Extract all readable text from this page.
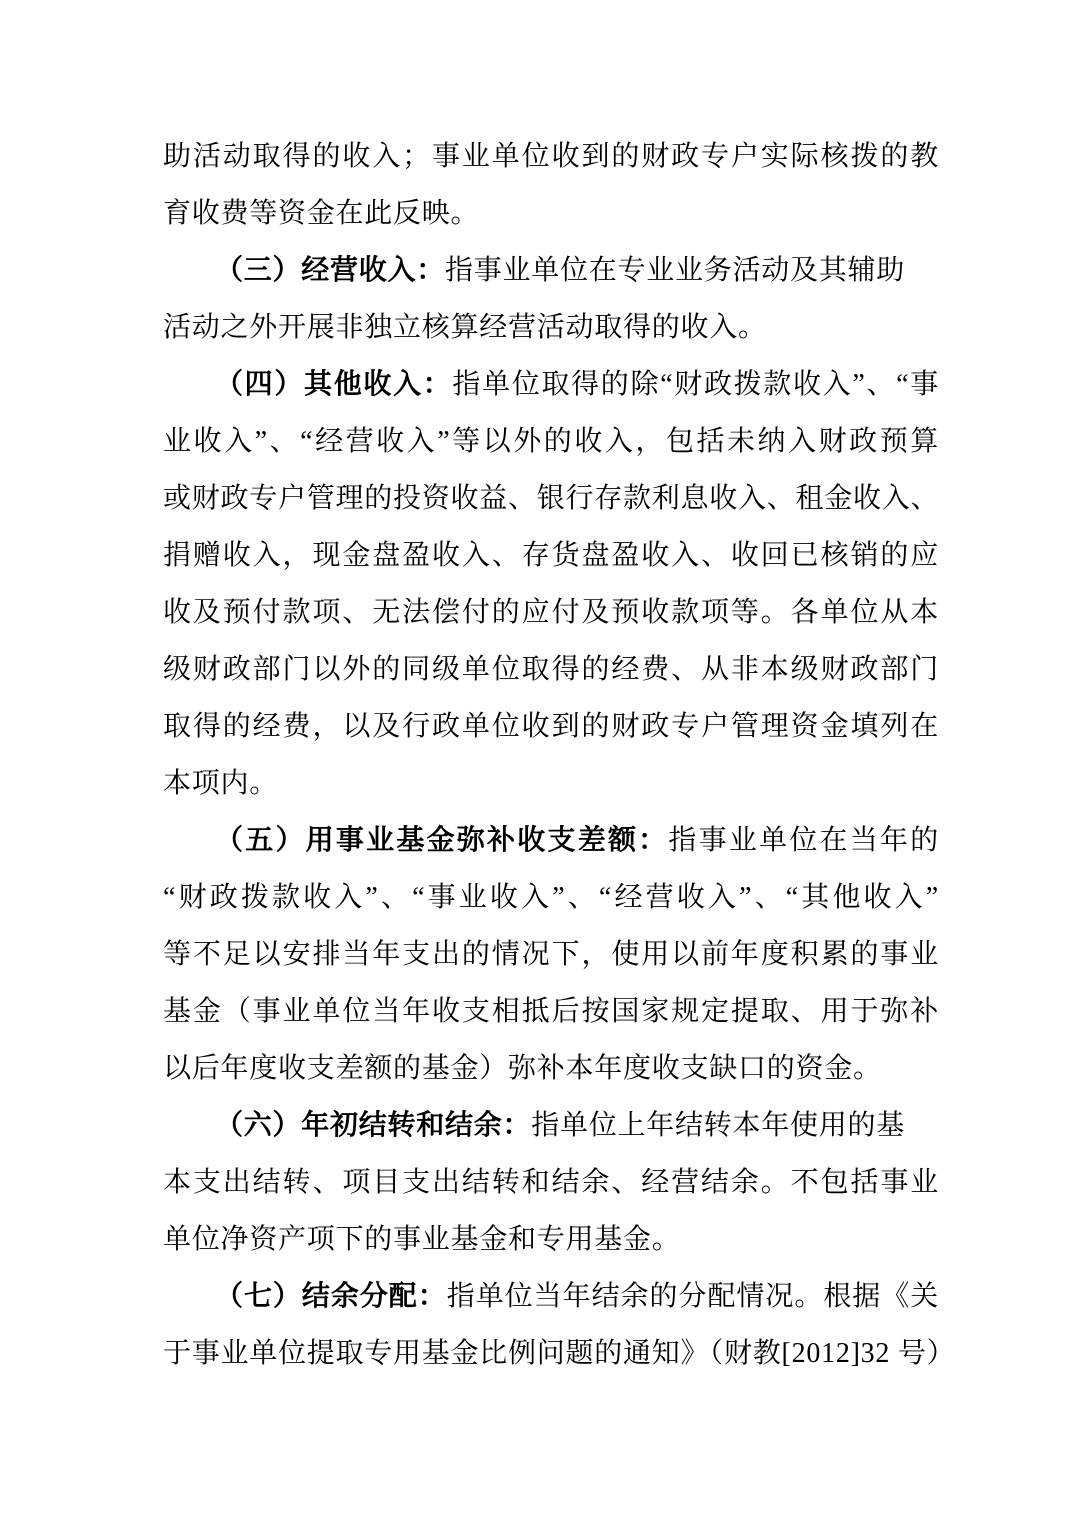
助活动取得的收入；事业单位收到的财政专户实际核拨的教
育收费等资金在此反映。
（三）经营收入：指事业单位在专业业务活动及其辅助
活动之外开展非独立核算经营活动取得的收入。
（四）其他收入：指单位取得的除“财政拨款收入”、“事
业收入”、“经营收入”等以外的收入，包括未纳入财政预算
或财政专户管理的投资收益、银行存款利息收入、租金收入、
捐赠收入，现金盘盈收入、存货盘盈收入、收回已核销的应
收及预付款项、无法偿付的应付及预收款项等。各单位从本
级财政部门以外的同级单位取得的经费、从非本级财政部门
取得的经费，以及行政单位收到的财政专户管理资金填列在
本项内。
（五）用事业基金弥补收支差额：指事业单位在当年的
“财政拨款收入”、“事业收入”、“经营收入”、“其他收入”
等不足以安排当年支出的情况下，使用以前年度积累的事业
基金（事业单位当年收支相抵后按国家规定提取、用于弥补
以后年度收支差额的基金）弥补本年度收支缺口的资金。
（六）年初结转和结余：指单位上年结转本年使用的基
本支出结转、项目支出结转和结余、经营结余。不包括事业
单位净资产项下的事业基金和专用基金。
（七）结余分配：指单位当年结余的分配情况。根据《关
于事业单位提取专用基金比例问题的通知》（财教[2012]32 号）
